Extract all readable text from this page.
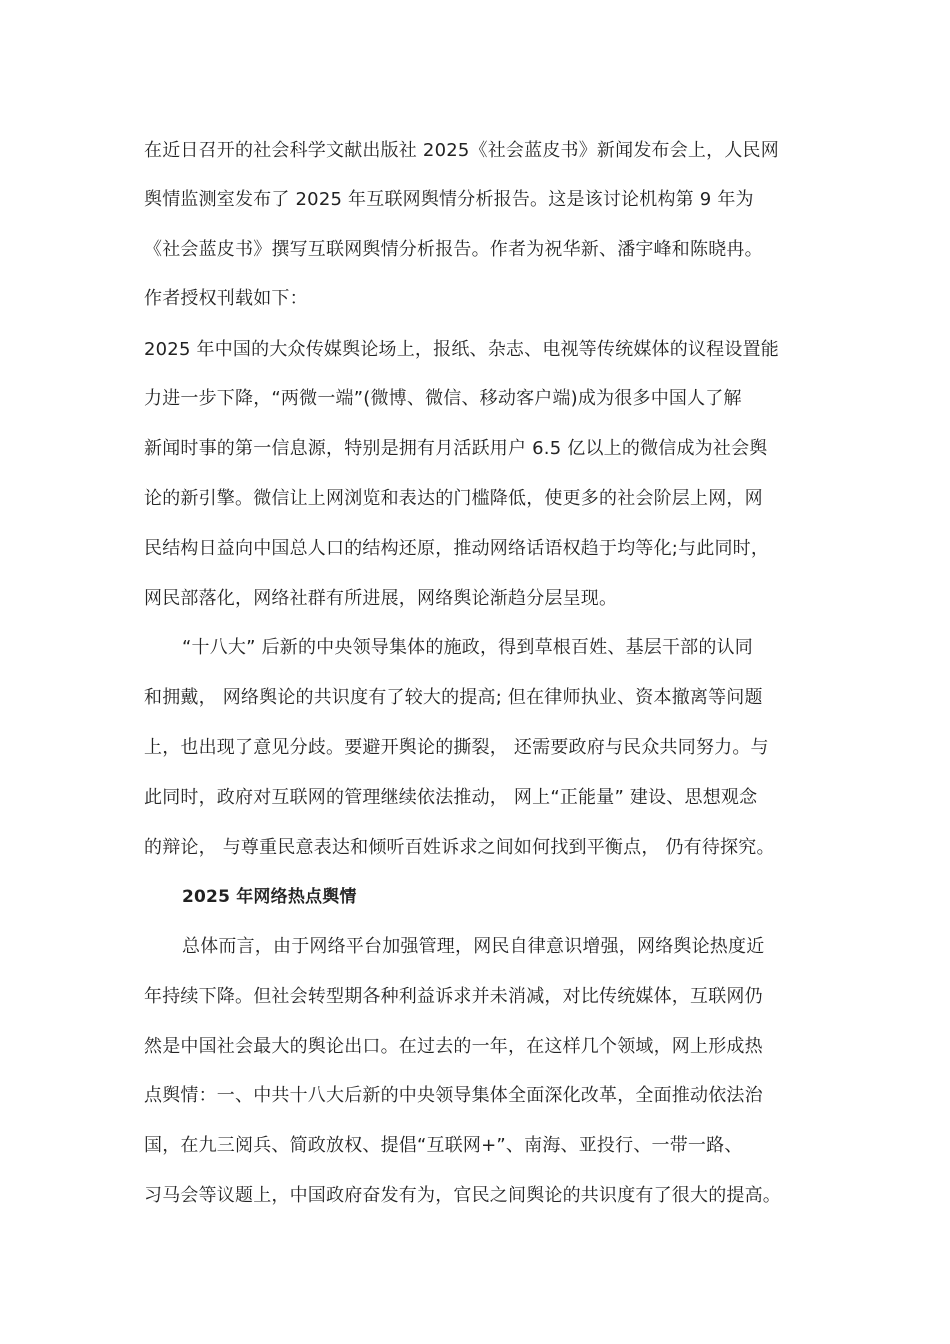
在近日召开的社会科学文献出版社 2025《社会蓝皮书》新闻发布会上，人民网
舆情监测室发布了 2025 年互联网舆情分析报告。这是该讨论机构第 9 年为
《社会蓝皮书》撰写互联网舆情分析报告。作者为祝华新、潘宇峰和陈晓冉。
作者授权刊载如下：
2025 年中国的大众传媒舆论场上，报纸、杂志、电视等传统媒体的议程设置能
力进一步下降，“两微一端”(微博、微信、移动客户端)成为很多中国人了解
新闻时事的第一信息源，特别是拥有月活跃用户 6.5 亿以上的微信成为社会舆
论的新引擎。微信让上网浏览和表达的门槛降低，使更多的社会阶层上网，网
民结构日益向中国总人口的结构还原，推动网络话语权趋于均等化;与此同时，
网民部落化，网络社群有所进展，网络舆论渐趋分层呈现。
“十八大” 后新的中央领导集体的施政，得到草根百姓、基层干部的认同
和拥戴， 网络舆论的共识度有了较大的提高; 但在律师执业、资本撤离等问题
上，也出现了意见分歧。要避开舆论的撕裂， 还需要政府与民众共同努力。与
此同时，政府对互联网的管理继续依法推动， 网上“正能量” 建设、思想观念
的辩论， 与尊重民意表达和倾听百姓诉求之间如何找到平衡点， 仍有待探究。
2025 年网络热点舆情
总体而言，由于网络平台加强管理，网民自律意识增强，网络舆论热度近
年持续下降。但社会转型期各种利益诉求并未消减，对比传统媒体，互联网仍
然是中国社会最大的舆论出口。在过去的一年，在这样几个领域，网上形成热
点舆情：一、中共十八大后新的中央领导集体全面深化改革，全面推动依法治
国，在九三阅兵、简政放权、提倡“互联网+”、南海、亚投行、一带一路、
习马会等议题上，中国政府奋发有为，官民之间舆论的共识度有了很大的提高。
